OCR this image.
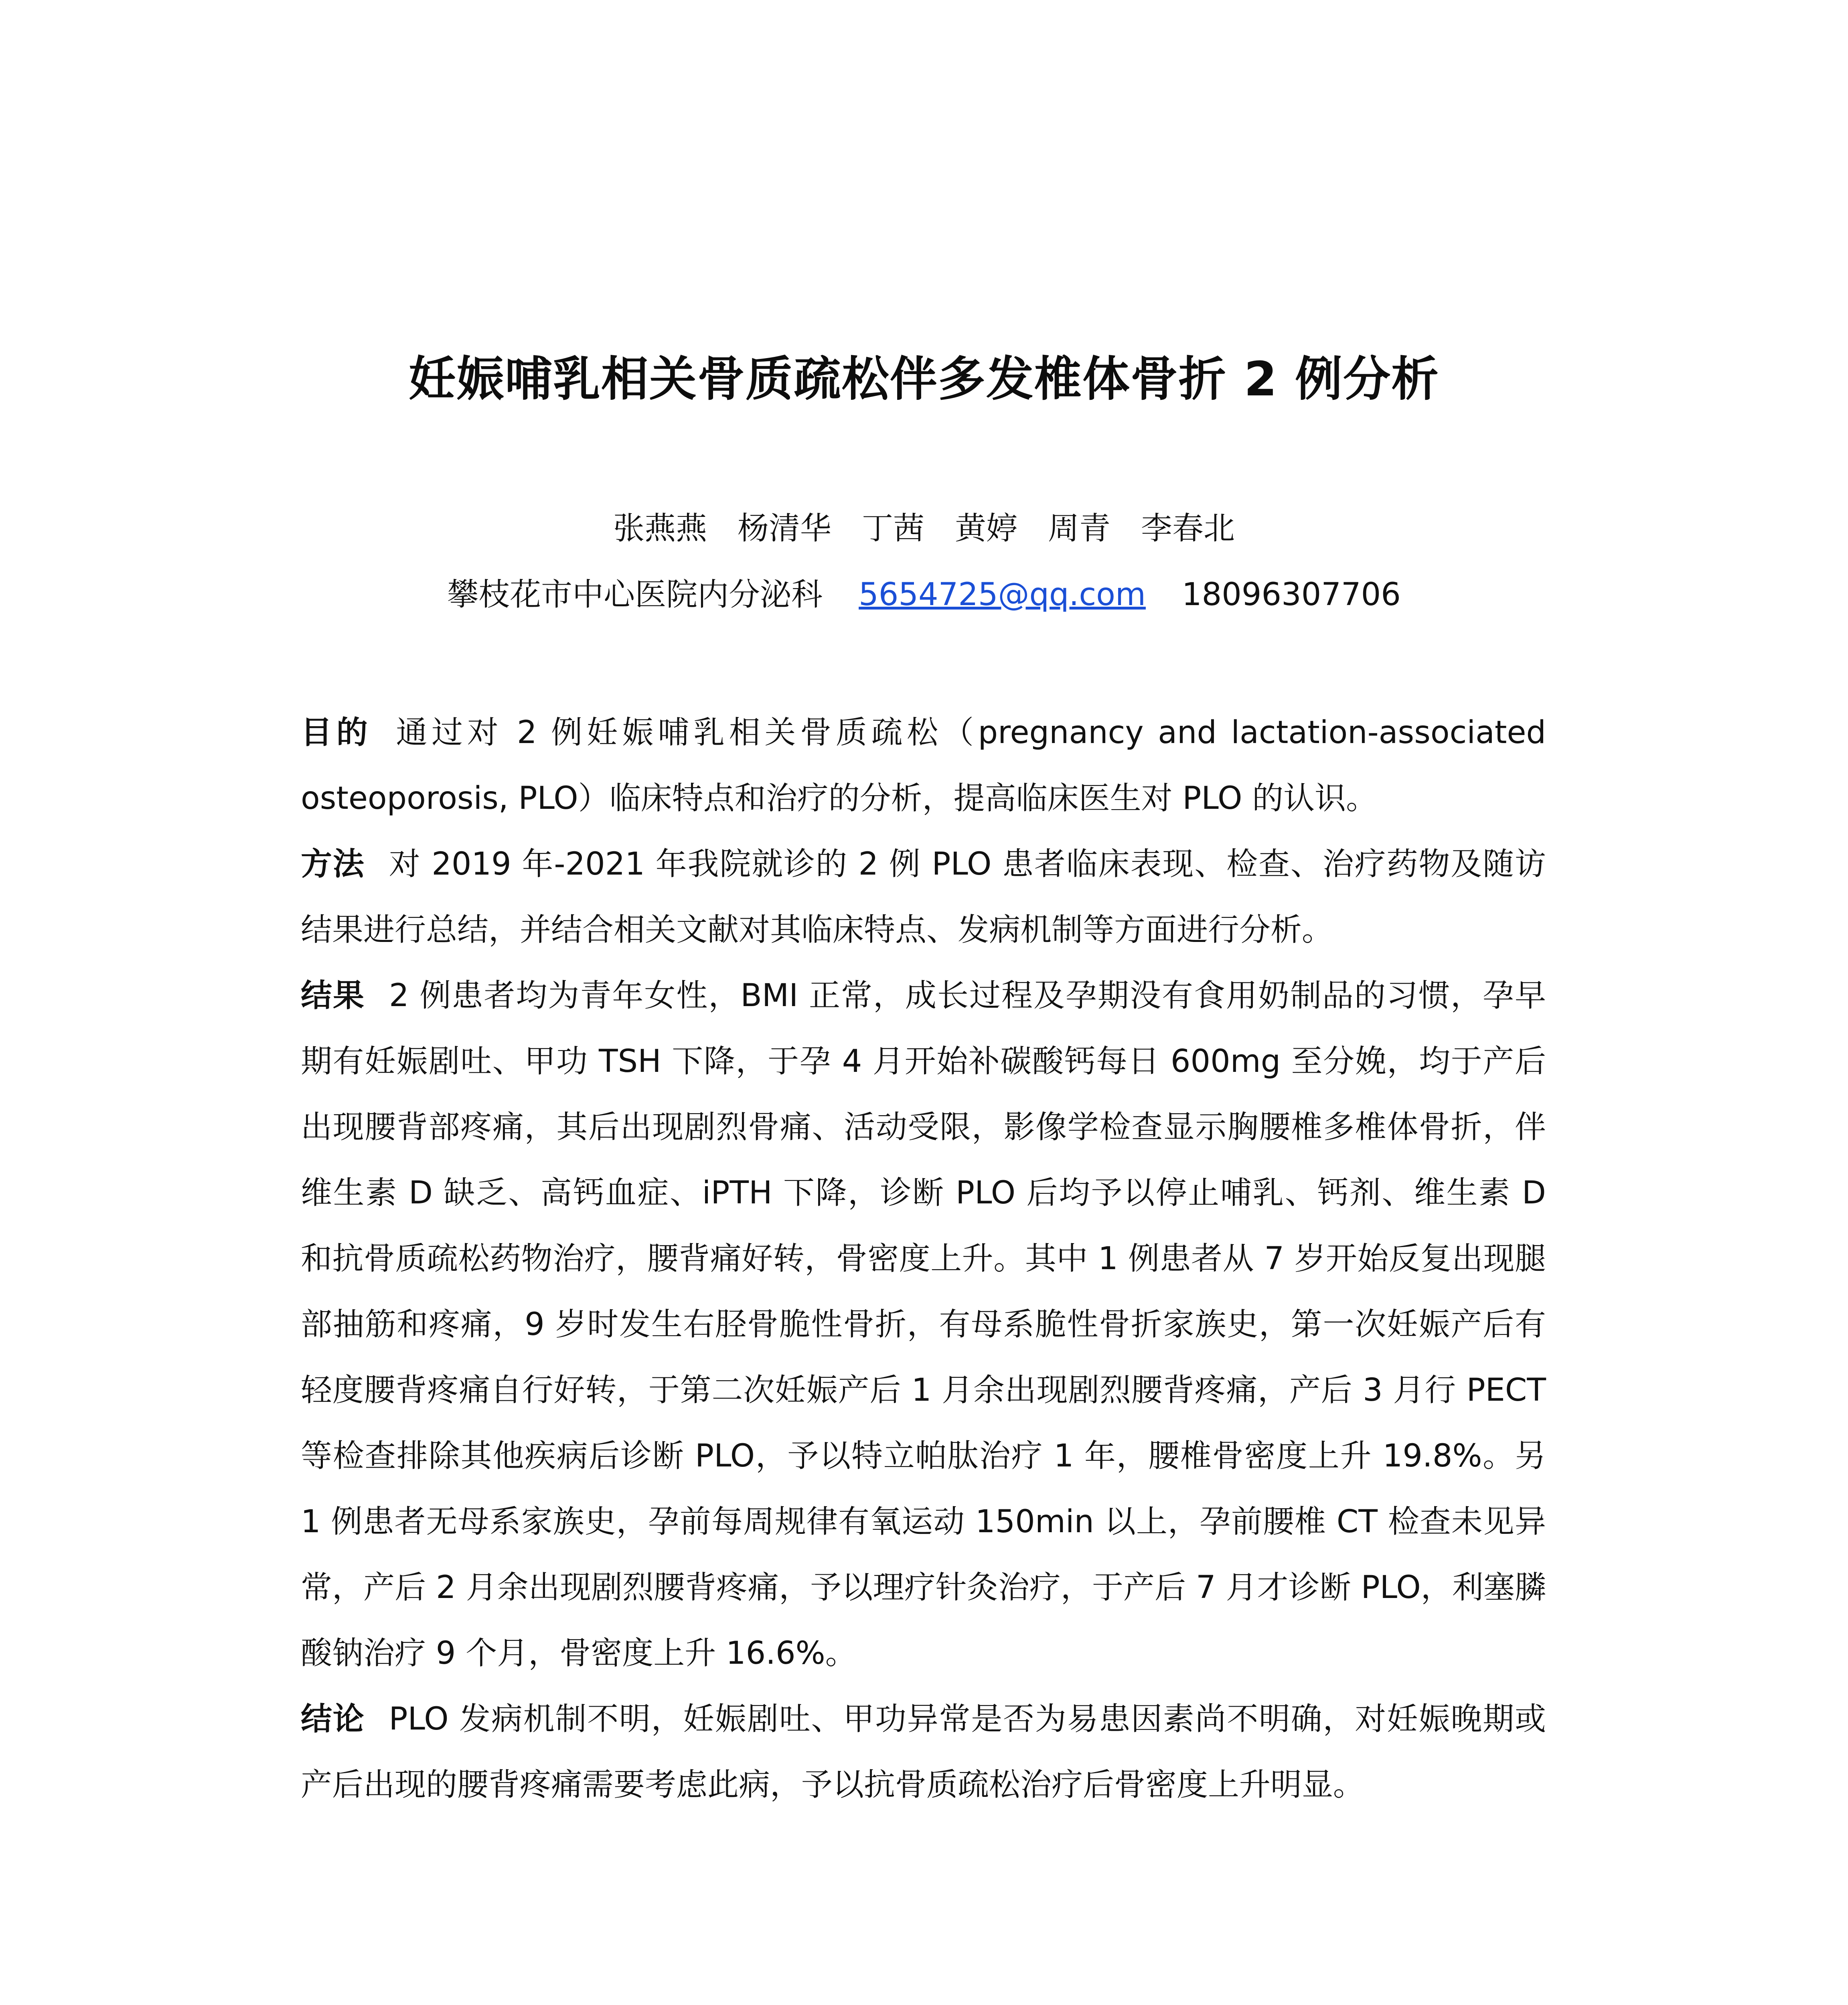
妊娠哺乳相关骨质疏松伴多发椎体骨折 2 例分析
张燕燕 杨清华 丁茜 黄婷 周青 李春北
攀枝花市中心医院内分泌科 5654725@qq.com 18096307706

目的 通过对 2 例妊娠哺乳相关骨质疏松（pregnancy and lactation-associated osteoporosis, PLO）临床特点和治疗的分析，提高临床医生对 PLO 的认识。

方法 对 2019 年-2021 年我院就诊的 2 例 PLO 患者临床表现、检查、治疗药物及随访结果进行总结，并结合相关文献对其临床特点、发病机制等方面进行分析。

结果 2 例患者均为青年女性，BMI 正常，成长过程及孕期没有食用奶制品的习惯，孕早期有妊娠剧吐、甲功 TSH 下降，于孕 4 月开始补碳酸钙每日 600mg 至分娩，均于产后出现腰背部疼痛，其后出现剧烈骨痛、活动受限，影像学检查显示胸腰椎多椎体骨折，伴维生素 D 缺乏、高钙血症、iPTH 下降，诊断 PLO 后均予以停止哺乳、钙剂、维生素 D 和抗骨质疏松药物治疗，腰背痛好转，骨密度上升。其中 1 例患者从 7 岁开始反复出现腿部抽筋和疼痛，9 岁时发生右胫骨脆性骨折，有母系脆性骨折家族史，第一次妊娠产后有轻度腰背疼痛自行好转，于第二次妊娠产后 1 月余出现剧烈腰背疼痛，产后 3 月行 PECT 等检查排除其他疾病后诊断 PLO，予以特立帕肽治疗 1 年，腰椎骨密度上升 19.8%。另 1 例患者无母系家族史，孕前每周规律有氧运动 150min 以上，孕前腰椎 CT 检查未见异常，产后 2 月余出现剧烈腰背疼痛，予以理疗针灸治疗，于产后 7 月才诊断 PLO，利塞膦酸钠治疗 9 个月，骨密度上升 16.6%。

结论 PLO 发病机制不明，妊娠剧吐、甲功异常是否为易患因素尚不明确，对妊娠晚期或产后出现的腰背疼痛需要考虑此病，予以抗骨质疏松治疗后骨密度上升明显。
